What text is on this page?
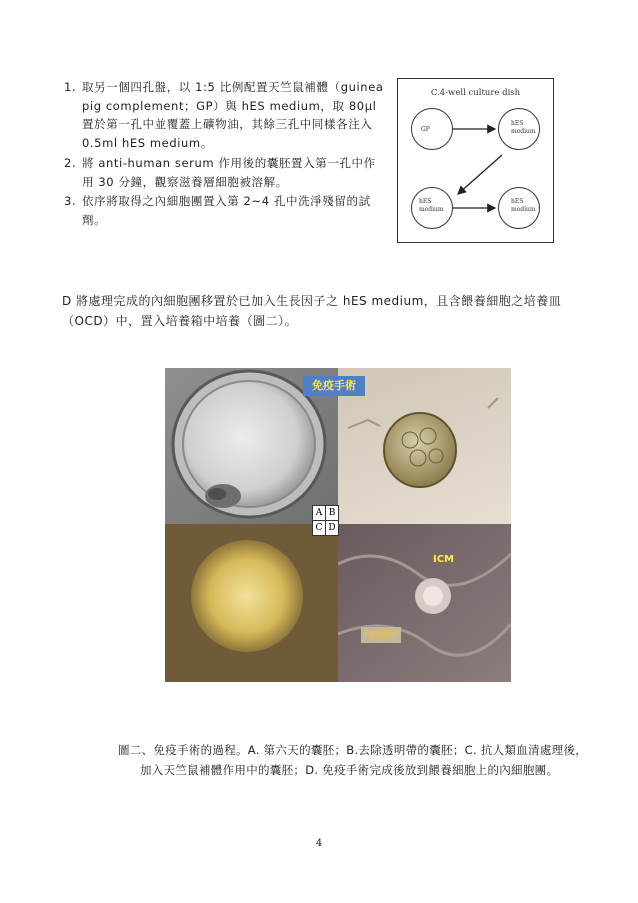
1. 取另一個四孔盤，以 1:5 比例配置天竺鼠補體（guinea pig complement；GP）與 hES medium，取 80µl 置於第一孔中並覆蓋上礦物油，其餘三孔中同樣各注入 0.5ml hES medium。
2. 將 anti-human serum 作用後的囊胚置入第一孔中作用 30 分鐘，觀察滋養層細胞被溶解。
3. 依序將取得之內細胞團置入第 2~4 孔中洗淨殘留的試劑。
C.4-well culture dish
GP
hES
medium
hES
medium
hES
medium
D 將處理完成的內細胞團移置於已加入生長因子之 hES medium，且含餵養細胞之培養皿（OCD）中，置入培養箱中培養（圖二）。
免疫手術
ICM
Feeder
A B
C D
圖二、免疫手術的過程。A. 第六天的囊胚；B.去除透明帶的囊胚；C. 抗人類血清處理後，加入天竺鼠補體作用中的囊胚；D. 免疫手術完成後放到餵養細胞上的內細胞團。
4
